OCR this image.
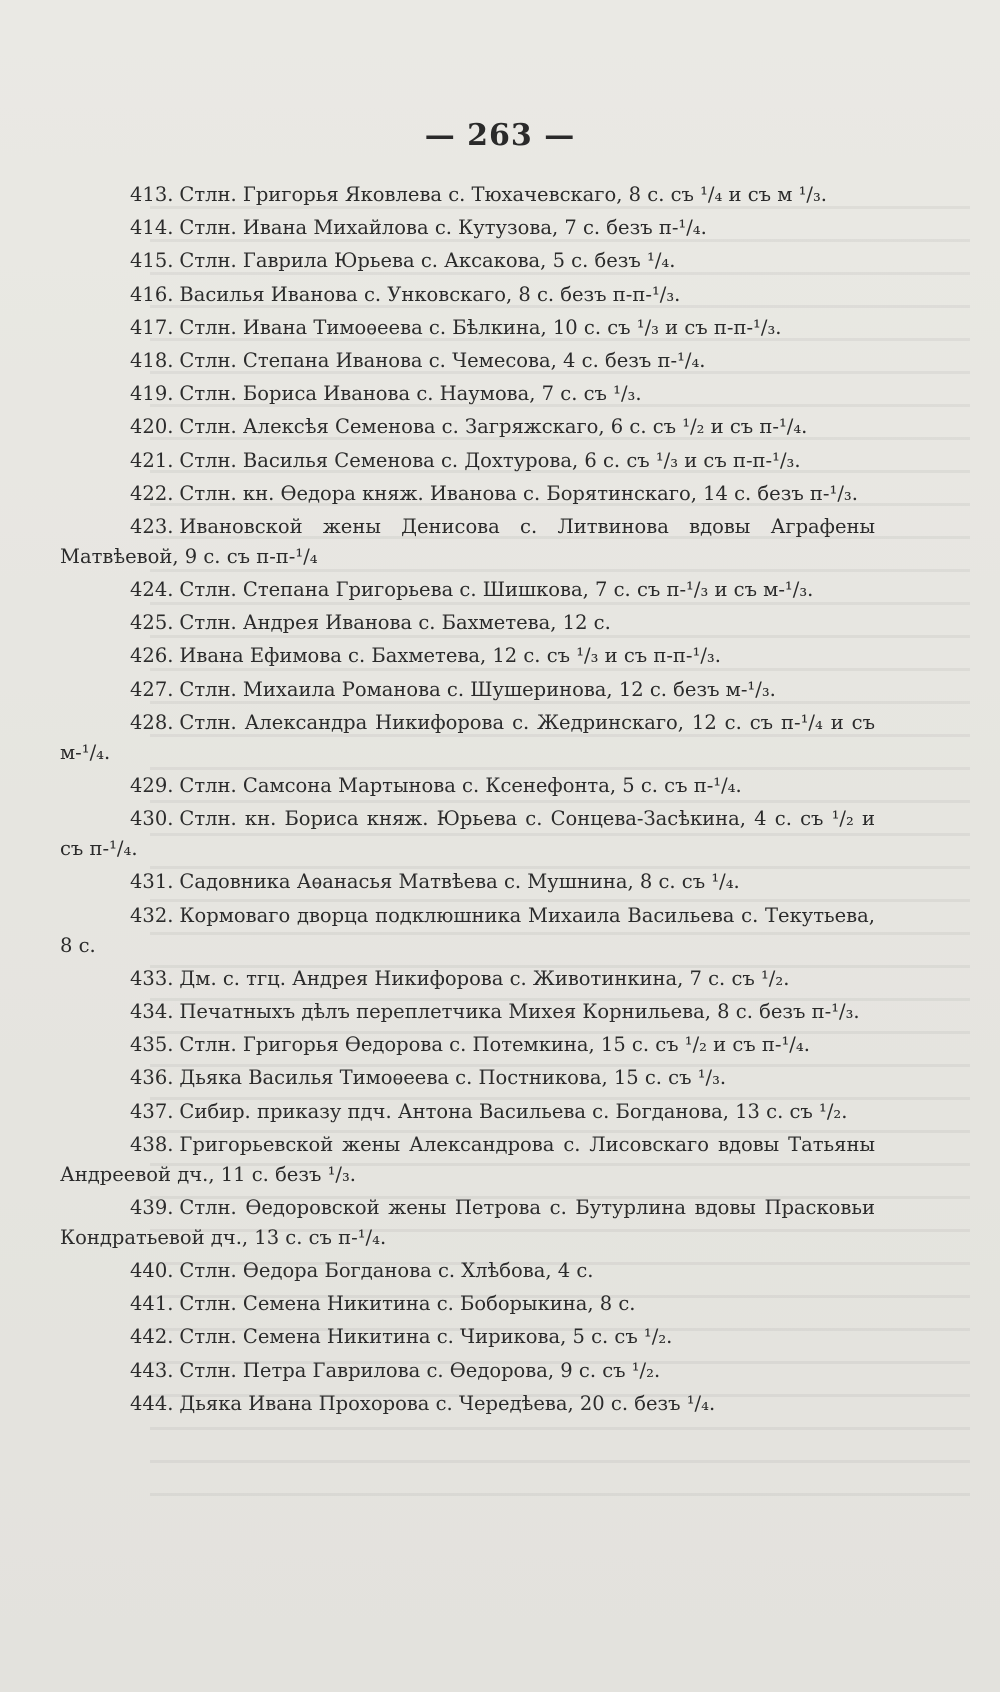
— 263 —

413. Стлн. Григорья Яковлева с. Тюхачевскаго, 8 с. съ ¹/₄ и съ м ¹/₃.

414. Стлн. Ивана Михайлова с. Кутузова, 7 с. безъ п-¹/₄.

415. Стлн. Гаврила Юрьева с. Аксакова, 5 с. безъ ¹/₄.

416. Василья Иванова с. Унковскаго, 8 с. безъ п-п-¹/₃.

417. Стлн. Ивана Тимоѳеева с. Бѣлкина, 10 с. съ ¹/₃ и съ п-п-¹/₃.

418. Стлн. Степана Иванова с. Чемесова, 4 с. безъ п-¹/₄.

419. Стлн. Бориса Иванова с. Наумова, 7 с. съ ¹/₃.

420. Стлн. Алексѣя Семенова с. Загряжскаго, 6 с. съ ¹/₂ и съ п-¹/₄.

421. Стлн. Василья Семенова с. Дохтурова, 6 с. съ ¹/₃ и съ п-п-¹/₃.

422. Стлн. кн. Ѳедора княж. Иванова с. Борятинскаго, 14 с. безъ п-¹/₃.

423. Ивановской жены Денисова с. Литвинова вдовы Аграфены Матвѣевой, 9 с. съ п-п-¹/₄

424. Стлн. Степана Григорьева с. Шишкова, 7 с. съ п-¹/₃ и съ м-¹/₃.

425. Стлн. Андрея Иванова с. Бахметева, 12 с.

426. Ивана Ефимова с. Бахметева, 12 с. съ ¹/₃ и съ п-п-¹/₃.

427. Стлн. Михаила Романова с. Шушеринова, 12 с. безъ м-¹/₃.

428. Стлн. Александра Никифорова с. Жедринскаго, 12 с. съ п-¹/₄ и съ м-¹/₄.

429. Стлн. Самсона Мартынова с. Ксенефонта, 5 с. съ п-¹/₄.

430. Стлн. кн. Бориса княж. Юрьева с. Сонцева-Засѣкина, 4 с. съ ¹/₂ и съ п-¹/₄.

431. Садовника Аѳанасья Матвѣева с. Мушнина, 8 с. съ ¹/₄.

432. Кормоваго дворца подклюшника Михаила Васильева с. Текутьева, 8 с.

433. Дм. с. тгц. Андрея Никифорова с. Животинкина, 7 с. съ ¹/₂.

434. Печатныхъ дѣлъ переплетчика Михея Корнильева, 8 с. безъ п-¹/₃.

435. Стлн. Григорья Ѳедорова с. Потемкина, 15 с. съ ¹/₂ и съ п-¹/₄.

436. Дьяка Василья Тимоѳеева с. Постникова, 15 с. съ ¹/₃.

437. Сибир. приказу пдч. Антона Васильева с. Богданова, 13 с. съ ¹/₂.

438. Григорьевской жены Александрова с. Лисовскаго вдовы Татьяны Андреевой дч., 11 с. безъ ¹/₃.

439. Стлн. Ѳедоровской жены Петрова с. Бутурлина вдовы Прасковьи Кондратьевой дч., 13 с. съ п-¹/₄.

440. Стлн. Ѳедора Богданова с. Хлѣбова, 4 с.

441. Стлн. Семена Никитина с. Боборыкина, 8 с.

442. Стлн. Семена Никитина с. Чирикова, 5 с. съ ¹/₂.

443. Стлн. Петра Гаврилова с. Ѳедорова, 9 с. съ ¹/₂.

444. Дьяка Ивана Прохорова с. Чередѣева, 20 с. безъ ¹/₄.
